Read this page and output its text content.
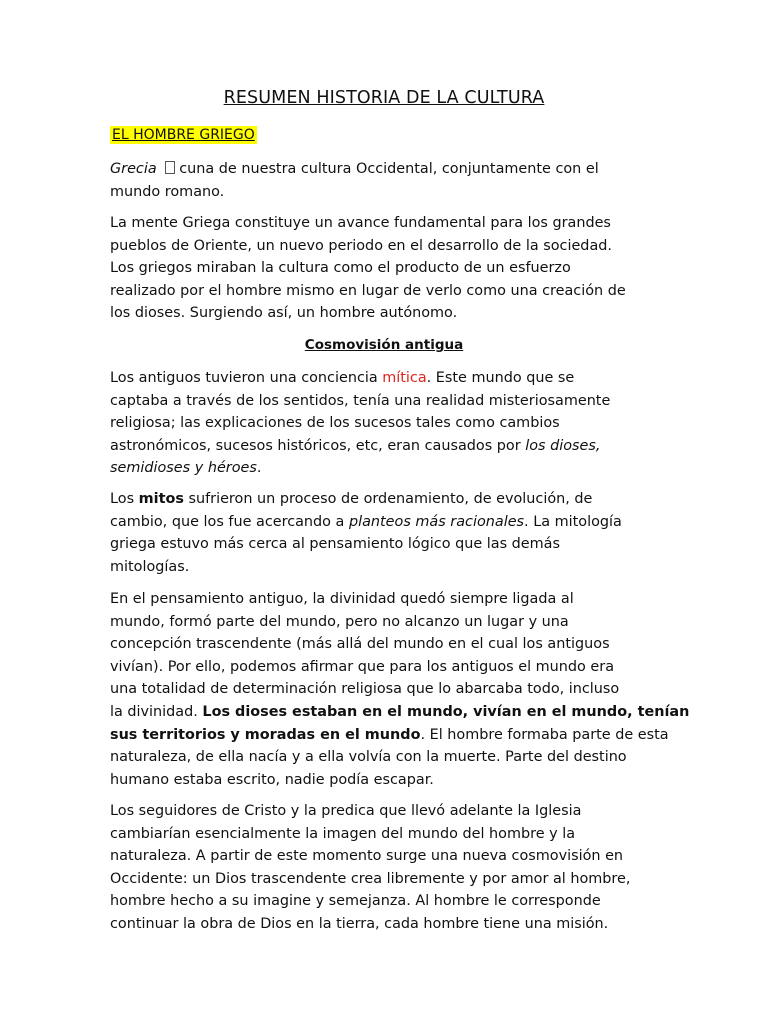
RESUMEN HISTORIA DE LA CULTURA
EL HOMBRE GRIEGO
Grecia cuna de nuestra cultura Occidental, conjuntamente con el
mundo romano.
La mente Griega constituye un avance fundamental para los grandes
pueblos de Oriente, un nuevo periodo en el desarrollo de la sociedad.
Los griegos miraban la cultura como el producto de un esfuerzo
realizado por el hombre mismo en lugar de verlo como una creación de
los dioses. Surgiendo así, un hombre autónomo.
Cosmovisión antigua
Los antiguos tuvieron una conciencia mítica. Este mundo que se
captaba a través de los sentidos, tenía una realidad misteriosamente
religiosa; las explicaciones de los sucesos tales como cambios
astronómicos, sucesos históricos, etc, eran causados por los dioses,
semidioses y héroes.
Los mitos sufrieron un proceso de ordenamiento, de evolución, de
cambio, que los fue acercando a planteos más racionales. La mitología
griega estuvo más cerca al pensamiento lógico que las demás
mitologías.
En el pensamiento antiguo, la divinidad quedó siempre ligada al
mundo, formó parte del mundo, pero no alcanzo un lugar y una
concepción trascendente (más allá del mundo en el cual los antiguos
vivían). Por ello, podemos afirmar que para los antiguos el mundo era
una totalidad de determinación religiosa que lo abarcaba todo, incluso
la divinidad. Los dioses estaban en el mundo, vivían en el mundo, tenían
sus territorios y moradas en el mundo. El hombre formaba parte de esta
naturaleza, de ella nacía y a ella volvía con la muerte. Parte del destino
humano estaba escrito, nadie podía escapar.
Los seguidores de Cristo y la predica que llevó adelante la Iglesia
cambiarían esencialmente la imagen del mundo del hombre y la
naturaleza. A partir de este momento surge una nueva cosmovisión en
Occidente: un Dios trascendente crea libremente y por amor al hombre,
hombre hecho a su imagine y semejanza. Al hombre le corresponde
continuar la obra de Dios en la tierra, cada hombre tiene una misión.
